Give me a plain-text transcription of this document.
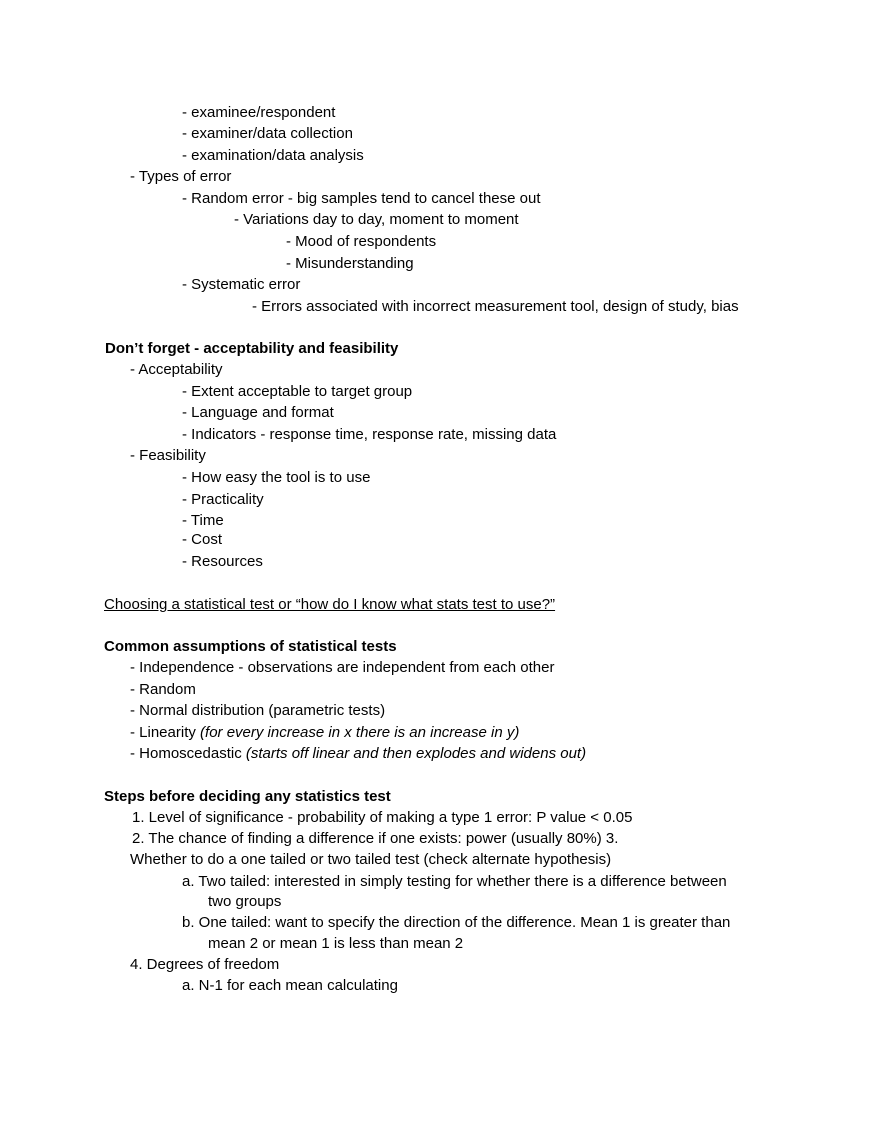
- examinee/respondent
- examiner/data collection
- examination/data analysis
- Types of error
- Random error - big samples tend to cancel these out
- Variations day to day, moment to moment
- Mood of respondents
- Misunderstanding
- Systematic error
- Errors associated with incorrect measurement tool, design of study, bias
Don’t forget - acceptability and feasibility
- Acceptability
- Extent acceptable to target group
- Language and format
- Indicators - response time, response rate, missing data
- Feasibility
- How easy the tool is to use
- Practicality
- Time
- Cost
- Resources
Choosing a statistical test or “how do I know what stats test to use?”
Common assumptions of statistical tests
- Independence - observations are independent from each other
- Random
- Normal distribution (parametric tests)
- Linearity (for every increase in x there is an increase in y)
- Homoscedastic (starts off linear and then explodes and widens out)
Steps before deciding any statistics test
1. Level of significance - probability of making a type 1 error: P value < 0.05
2. The chance of finding a difference if one exists: power (usually 80%) 3.
Whether to do a one tailed or two tailed test (check alternate hypothesis)
a. Two tailed: interested in simply testing for whether there is a difference between
two groups
b. One tailed: want to specify the direction of the difference. Mean 1 is greater than
mean 2 or mean 1 is less than mean 2
4. Degrees of freedom
a. N-1 for each mean calculating
